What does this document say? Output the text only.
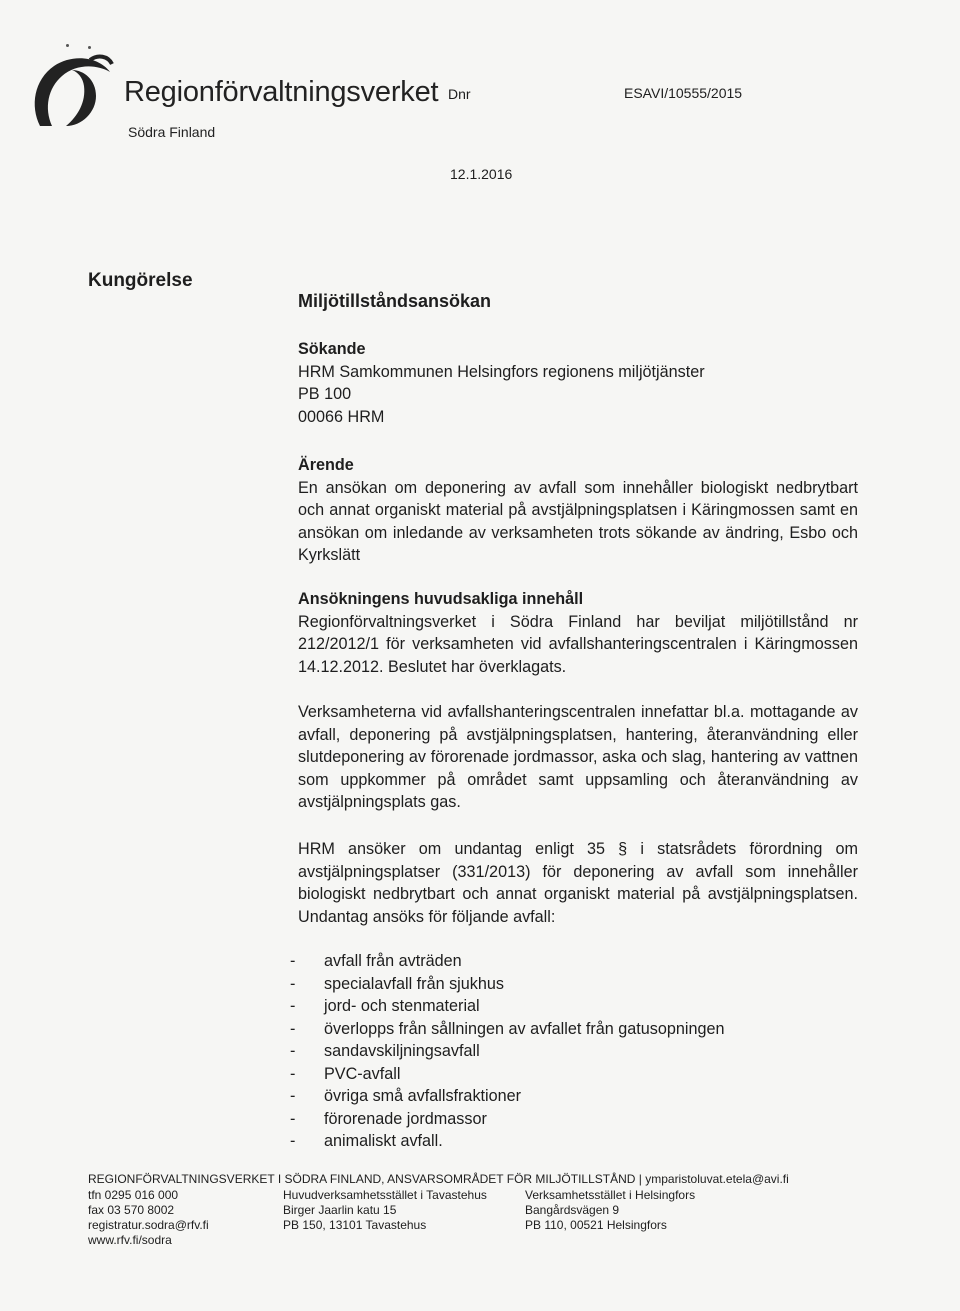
Regionförvaltningsverket
Södra Finland
Dnr	ESAVI/10555/2015
12.1.2016
Kungörelse
Miljötillståndsansökan

Sökande

HRM Samkommunen Helsingfors regionens miljötjänster

PB 100

00066 HRM

Ärende

En ansökan om deponering av avfall som innehåller biologiskt nedbrytbart och annat organiskt material på avstjälpningsplatsen i Käringmossen samt en ansökan om inledande av verksamheten trots sökande av ändring, Esbo och Kyrkslätt

Ansökningens huvudsakliga innehåll

Regionförvaltningsverket i Södra Finland har beviljat miljötillstånd nr 212/2012/1 för verksamheten vid avfallshanteringscentralen i Käringmossen 14.12.2012. Beslutet har överklagats.

Verksamheterna vid avfallshanteringscentralen innefattar bl.a. mottagande av avfall, deponering på avstjälpningsplatsen, hantering, återanvändning eller slutdeponering av förorenade jordmassor, aska och slag, hantering av vattnen som uppkommer på området samt uppsamling och återanvändning av avstjälpningsplats gas.

HRM ansöker om undantag enligt 35 § i statsrådets förordning om avstjälpningsplatser (331/2013) för deponering av avfall som innehåller biologiskt nedbrytbart och annat organiskt material på avstjälpningsplatsen. Undantag ansöks för följande avfall:

- avfall från avträden
- specialavfall från sjukhus
- jord- och stenmaterial
- överlopps från sållningen av avfallet från gatusopningen
- sandavskiljningsavfall
- PVC-avfall
- övriga små avfallsfraktioner
- förorenade jordmassor
- animaliskt avfall.
REGIONFÖRVALTNINGSVERKET I SÖDRA FINLAND, ANSVARSOMRÅDET FÖR MILJÖTILLSTÅND | ymparistoluvat.etela@avi.fi
tfn 0295 016 000
fax 03 570 8002
registratur.sodra@rfv.fi
www.rfv.fi/sodra
Huvudverksamhetsstället i Tavastehus
Birger Jaarlin katu 15
PB 150, 13101 Tavastehus
Verksamhetsstället i Helsingfors
Bangårdsvägen 9
PB 110, 00521 Helsingfors
